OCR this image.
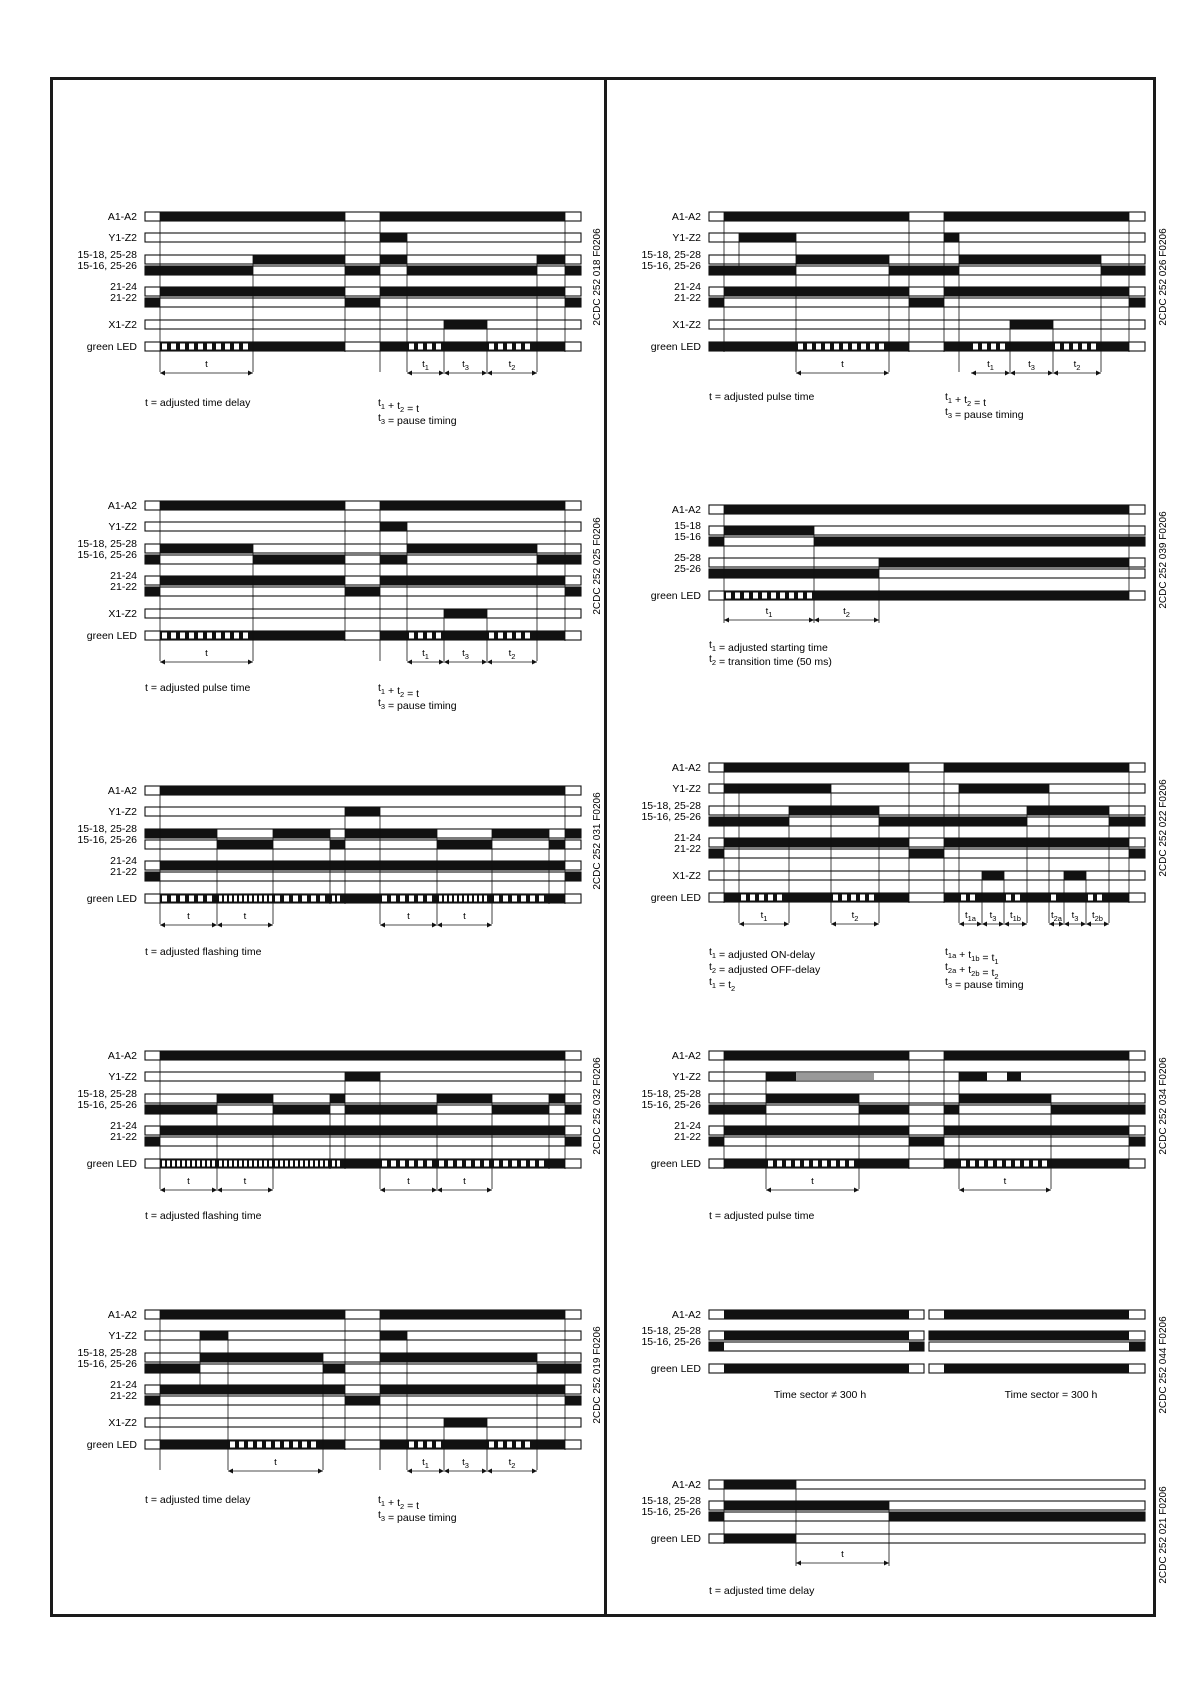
A1-A2
Y1-Z2
15-18, 25-28
15-16, 25-26
21-24
21-22
X1-Z2
green LED
t	$t_1$	$t_3$	$t_2$
t = adjusted time delay	$t_1 + t_2 = t$
$t_3$ = pause timing
2CDC 252 018 F0206
A1-A2
Y1-Z2
15-18, 25-28
15-16, 25-26
21-24
21-22
X1-Z2
green LED
t	$t_1$	$t_3$	$t_2$
t = adjusted pulse time	$t_1 + t_2 = t$
$t_3$ = pause timing
2CDC 252 025 F0206
A1-A2
Y1-Z2
15-18, 25-28
15-16, 25-26
21-24
21-22
green LED
t	t	t	t
t = adjusted flashing time
2CDC 252 031 F0206
A1-A2
Y1-Z2
15-18, 25-28
15-16, 25-26
21-24
21-22
green LED
t	t	t	t
t = adjusted flashing time
2CDC 252 032 F0206
A1-A2
Y1-Z2
15-18, 25-28
15-16, 25-26
21-24
21-22
X1-Z2
green LED
t	$t_1$	$t_3$	$t_2$
t = adjusted time delay	$t_1 + t_2 = t$
$t_3$ = pause timing
2CDC 252 019 F0206
A1-A2
Y1-Z2
15-18, 25-28
15-16, 25-26
21-24
21-22
X1-Z2
green LED
t	$t_1$	$t_3$	$t_2$
t = adjusted pulse time	$t_1 + t_2 = t$
$t_3$ = pause timing
2CDC 252 026 F0206
A1-A2
15-18
15-16
25-28
25-26
green LED
$t_1$	$t_2$
$t_1$ = adjusted starting time
$t_2$ = transition time (50 ms)
2CDC 252 039 F0206
A1-A2
Y1-Z2
15-18, 25-28
15-16, 25-26
21-24
21-22
X1-Z2
green LED
$t_1$	$t_2$	$t_{1a}$ $t_3$ $t_{1b}$	$t_{2a}$ $t_3$ $t_{2b}$
$t_1$ = adjusted ON-delay
$t_2$ = adjusted OFF-delay
$t_1 = t_2$
$t_{1a} + t_{1b} = t_1$
$t_{2a} + t_{2b} = t_2$
$t_3$ = pause timing
2CDC 252 022 F0206
A1-A2
Y1-Z2
15-18, 25-28
15-16, 25-26
21-24
21-22
green LED
t	t
t = adjusted pulse time
2CDC 252 034 F0206
A1-A2
15-18, 25-28
15-16, 25-26
green LED
Time sector ≠ 300 h	Time sector = 300 h	2CDC 252 044 F0206
A1-A2
15-18, 25-28
15-16, 25-26
green LED
t
t = adjusted time delay
2CDC 252 021 F0206
